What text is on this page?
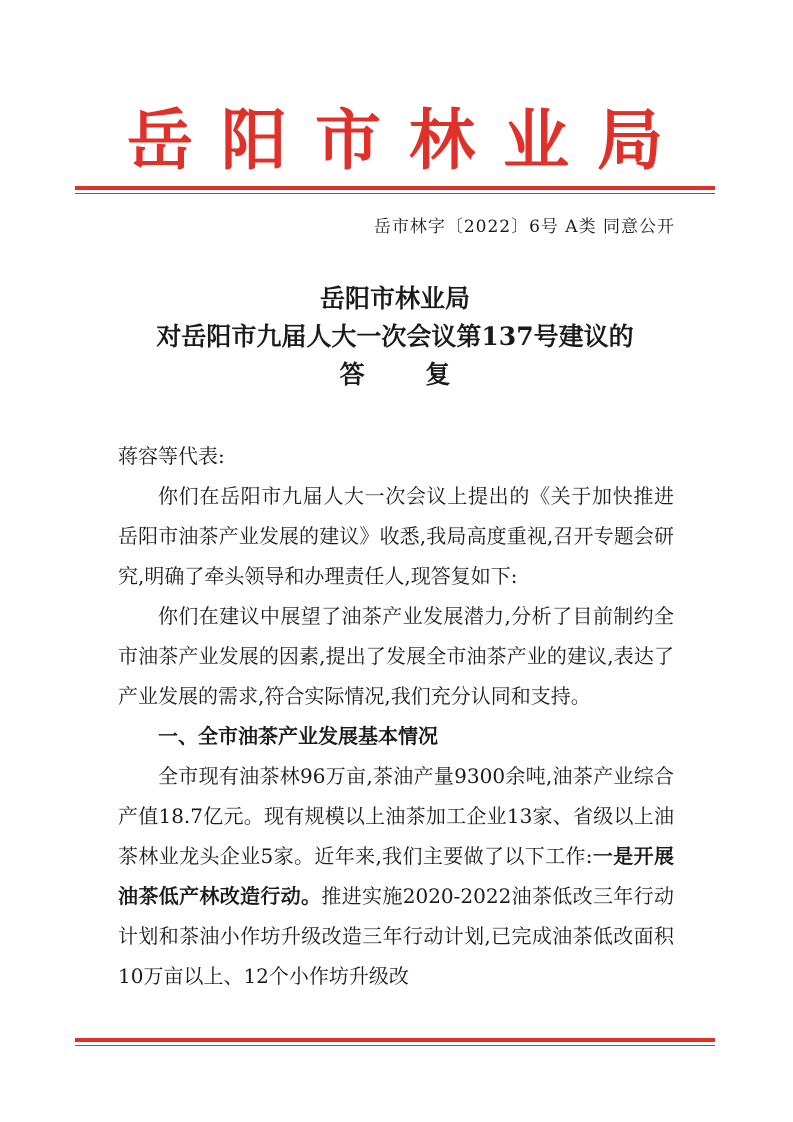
岳阳市林业局
岳市林字〔2022〕6号 A类 同意公开
岳阳市林业局
对岳阳市九届人大一次会议第137号建议的
答 复

蒋容等代表:

你们在岳阳市九届人大一次会议上提出的《关于加快推进岳阳市油茶产业发展的建议》收悉,我局高度重视,召开专题会研究,明确了牵头领导和办理责任人,现答复如下:

你们在建议中展望了油茶产业发展潜力,分析了目前制约全市油茶产业发展的因素,提出了发展全市油茶产业的建议,表达了产业发展的需求,符合实际情况,我们充分认同和支持。

一、全市油茶产业发展基本情况

全市现有油茶林96万亩,茶油产量9300余吨,油茶产业综合产值18.7亿元。现有规模以上油茶加工企业13家、省级以上油茶林业龙头企业5家。近年来,我们主要做了以下工作:一是开展油茶低产林改造行动。推进实施2020-2022油茶低改三年行动计划和茶油小作坊升级改造三年行动计划,已完成油茶低改面积10万亩以上、12个小作坊升级改
